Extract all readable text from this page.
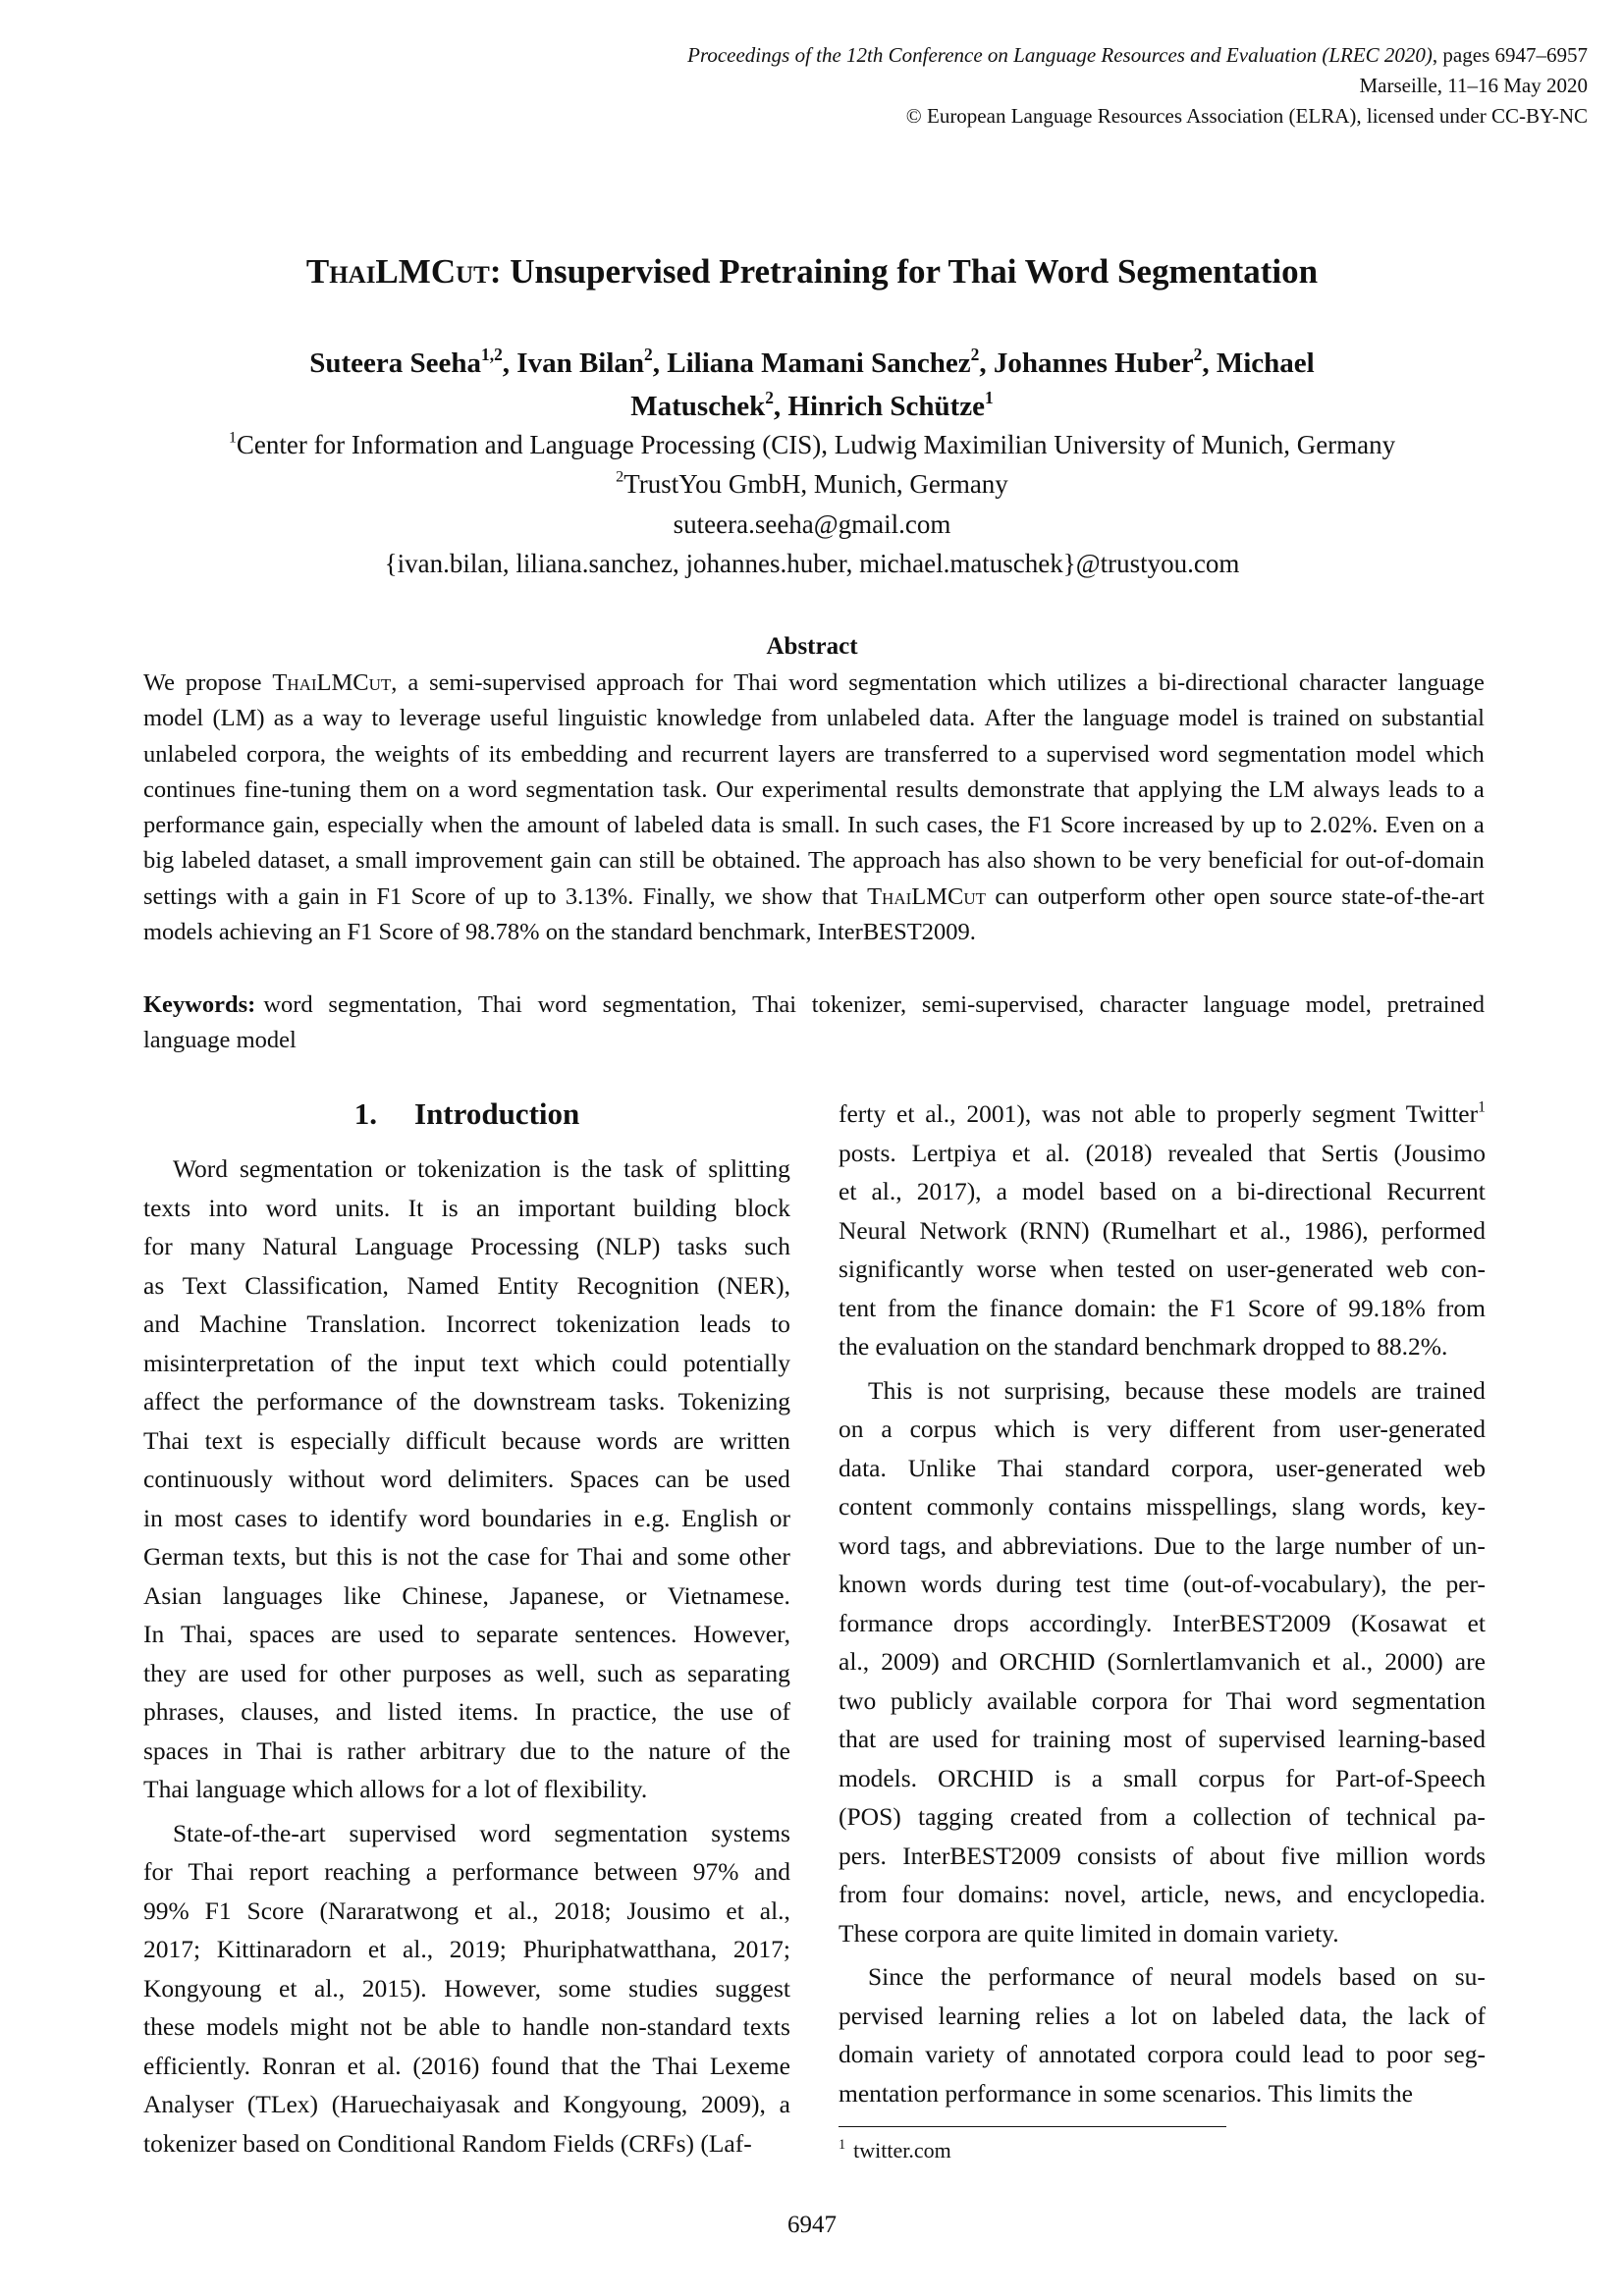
Proceedings of the 12th Conference on Language Resources and Evaluation (LREC 2020), pages 6947–6957
Marseille, 11–16 May 2020
© European Language Resources Association (ELRA), licensed under CC-BY-NC
ThaiLMCut: Unsupervised Pretraining for Thai Word Segmentation
Suteera Seeha$^{1,2}$, Ivan Bilan$^2$, Liliana Mamani Sanchez$^2$, Johannes Huber$^2$, Michael
Matuschek$^2$, Hinrich Schütze$^1$
$^1$Center for Information and Language Processing (CIS), Ludwig Maximilian University of Munich, Germany
$^2$TrustYou GmbH, Munich, Germany
suteera.seeha@gmail.com
{ivan.bilan, liliana.sanchez, johannes.huber, michael.matuschek}@trustyou.com
Abstract
We propose ThaiLMCut, a semi-supervised approach for Thai word segmentation which utilizes a bi-directional character language
model (LM) as a way to leverage useful linguistic knowledge from unlabeled data. After the language model is trained on substantial
unlabeled corpora, the weights of its embedding and recurrent layers are transferred to a supervised word segmentation model which
continues fine-tuning them on a word segmentation task. Our experimental results demonstrate that applying the LM always leads to a
performance gain, especially when the amount of labeled data is small. In such cases, the F1 Score increased by up to 2.02%. Even on a
big labeled dataset, a small improvement gain can still be obtained. The approach has also shown to be very beneficial for out-of-domain
settings with a gain in F1 Score of up to 3.13%. Finally, we show that ThaiLMCut can outperform other open source state-of-the-art
models achieving an F1 Score of 98.78% on the standard benchmark, InterBEST2009.
Keywords: word segmentation, Thai word segmentation, Thai tokenizer, semi-supervised, character language model, pretrained
language model
1. Introduction
Word segmentation or tokenization is the task of splitting
texts into word units. It is an important building block
for many Natural Language Processing (NLP) tasks such
as Text Classification, Named Entity Recognition (NER),
and Machine Translation. Incorrect tokenization leads to
misinterpretation of the input text which could potentially
affect the performance of the downstream tasks. Tokenizing
Thai text is especially difficult because words are written
continuously without word delimiters. Spaces can be used
in most cases to identify word boundaries in e.g. English or
German texts, but this is not the case for Thai and some other
Asian languages like Chinese, Japanese, or Vietnamese.
In Thai, spaces are used to separate sentences. However,
they are used for other purposes as well, such as separating
phrases, clauses, and listed items. In practice, the use of
spaces in Thai is rather arbitrary due to the nature of the
Thai language which allows for a lot of flexibility.
State-of-the-art supervised word segmentation systems
for Thai report reaching a performance between 97% and
99% F1 Score (Nararatwong et al., 2018; Jousimo et al.,
2017; Kittinaradorn et al., 2019; Phuriphatwatthana, 2017;
Kongyoung et al., 2015). However, some studies suggest
these models might not be able to handle non-standard texts
efficiently. Ronran et al. (2016) found that the Thai Lexeme
Analyser (TLex) (Haruechaiyasak and Kongyoung, 2009), a
tokenizer based on Conditional Random Fields (CRFs) (Laf-
ferty et al., 2001), was not able to properly segment Twitter$^1$
posts. Lertpiya et al. (2018) revealed that Sertis (Jousimo
et al., 2017), a model based on a bi-directional Recurrent
Neural Network (RNN) (Rumelhart et al., 1986), performed
significantly worse when tested on user-generated web con-
tent from the finance domain: the F1 Score of 99.18% from
the evaluation on the standard benchmark dropped to 88.2%.
This is not surprising, because these models are trained
on a corpus which is very different from user-generated
data. Unlike Thai standard corpora, user-generated web
content commonly contains misspellings, slang words, key-
word tags, and abbreviations. Due to the large number of un-
known words during test time (out-of-vocabulary), the per-
formance drops accordingly. InterBEST2009 (Kosawat et
al., 2009) and ORCHID (Sornlertlamvanich et al., 2000) are
two publicly available corpora for Thai word segmentation
that are used for training most of supervised learning-based
models. ORCHID is a small corpus for Part-of-Speech
(POS) tagging created from a collection of technical pa-
pers. InterBEST2009 consists of about five million words
from four domains: novel, article, news, and encyclopedia.
These corpora are quite limited in domain variety.
Since the performance of neural models based on su-
pervised learning relies a lot on labeled data, the lack of
domain variety of annotated corpora could lead to poor seg-
mentation performance in some scenarios. This limits the
$^1$ twitter.com
6947
